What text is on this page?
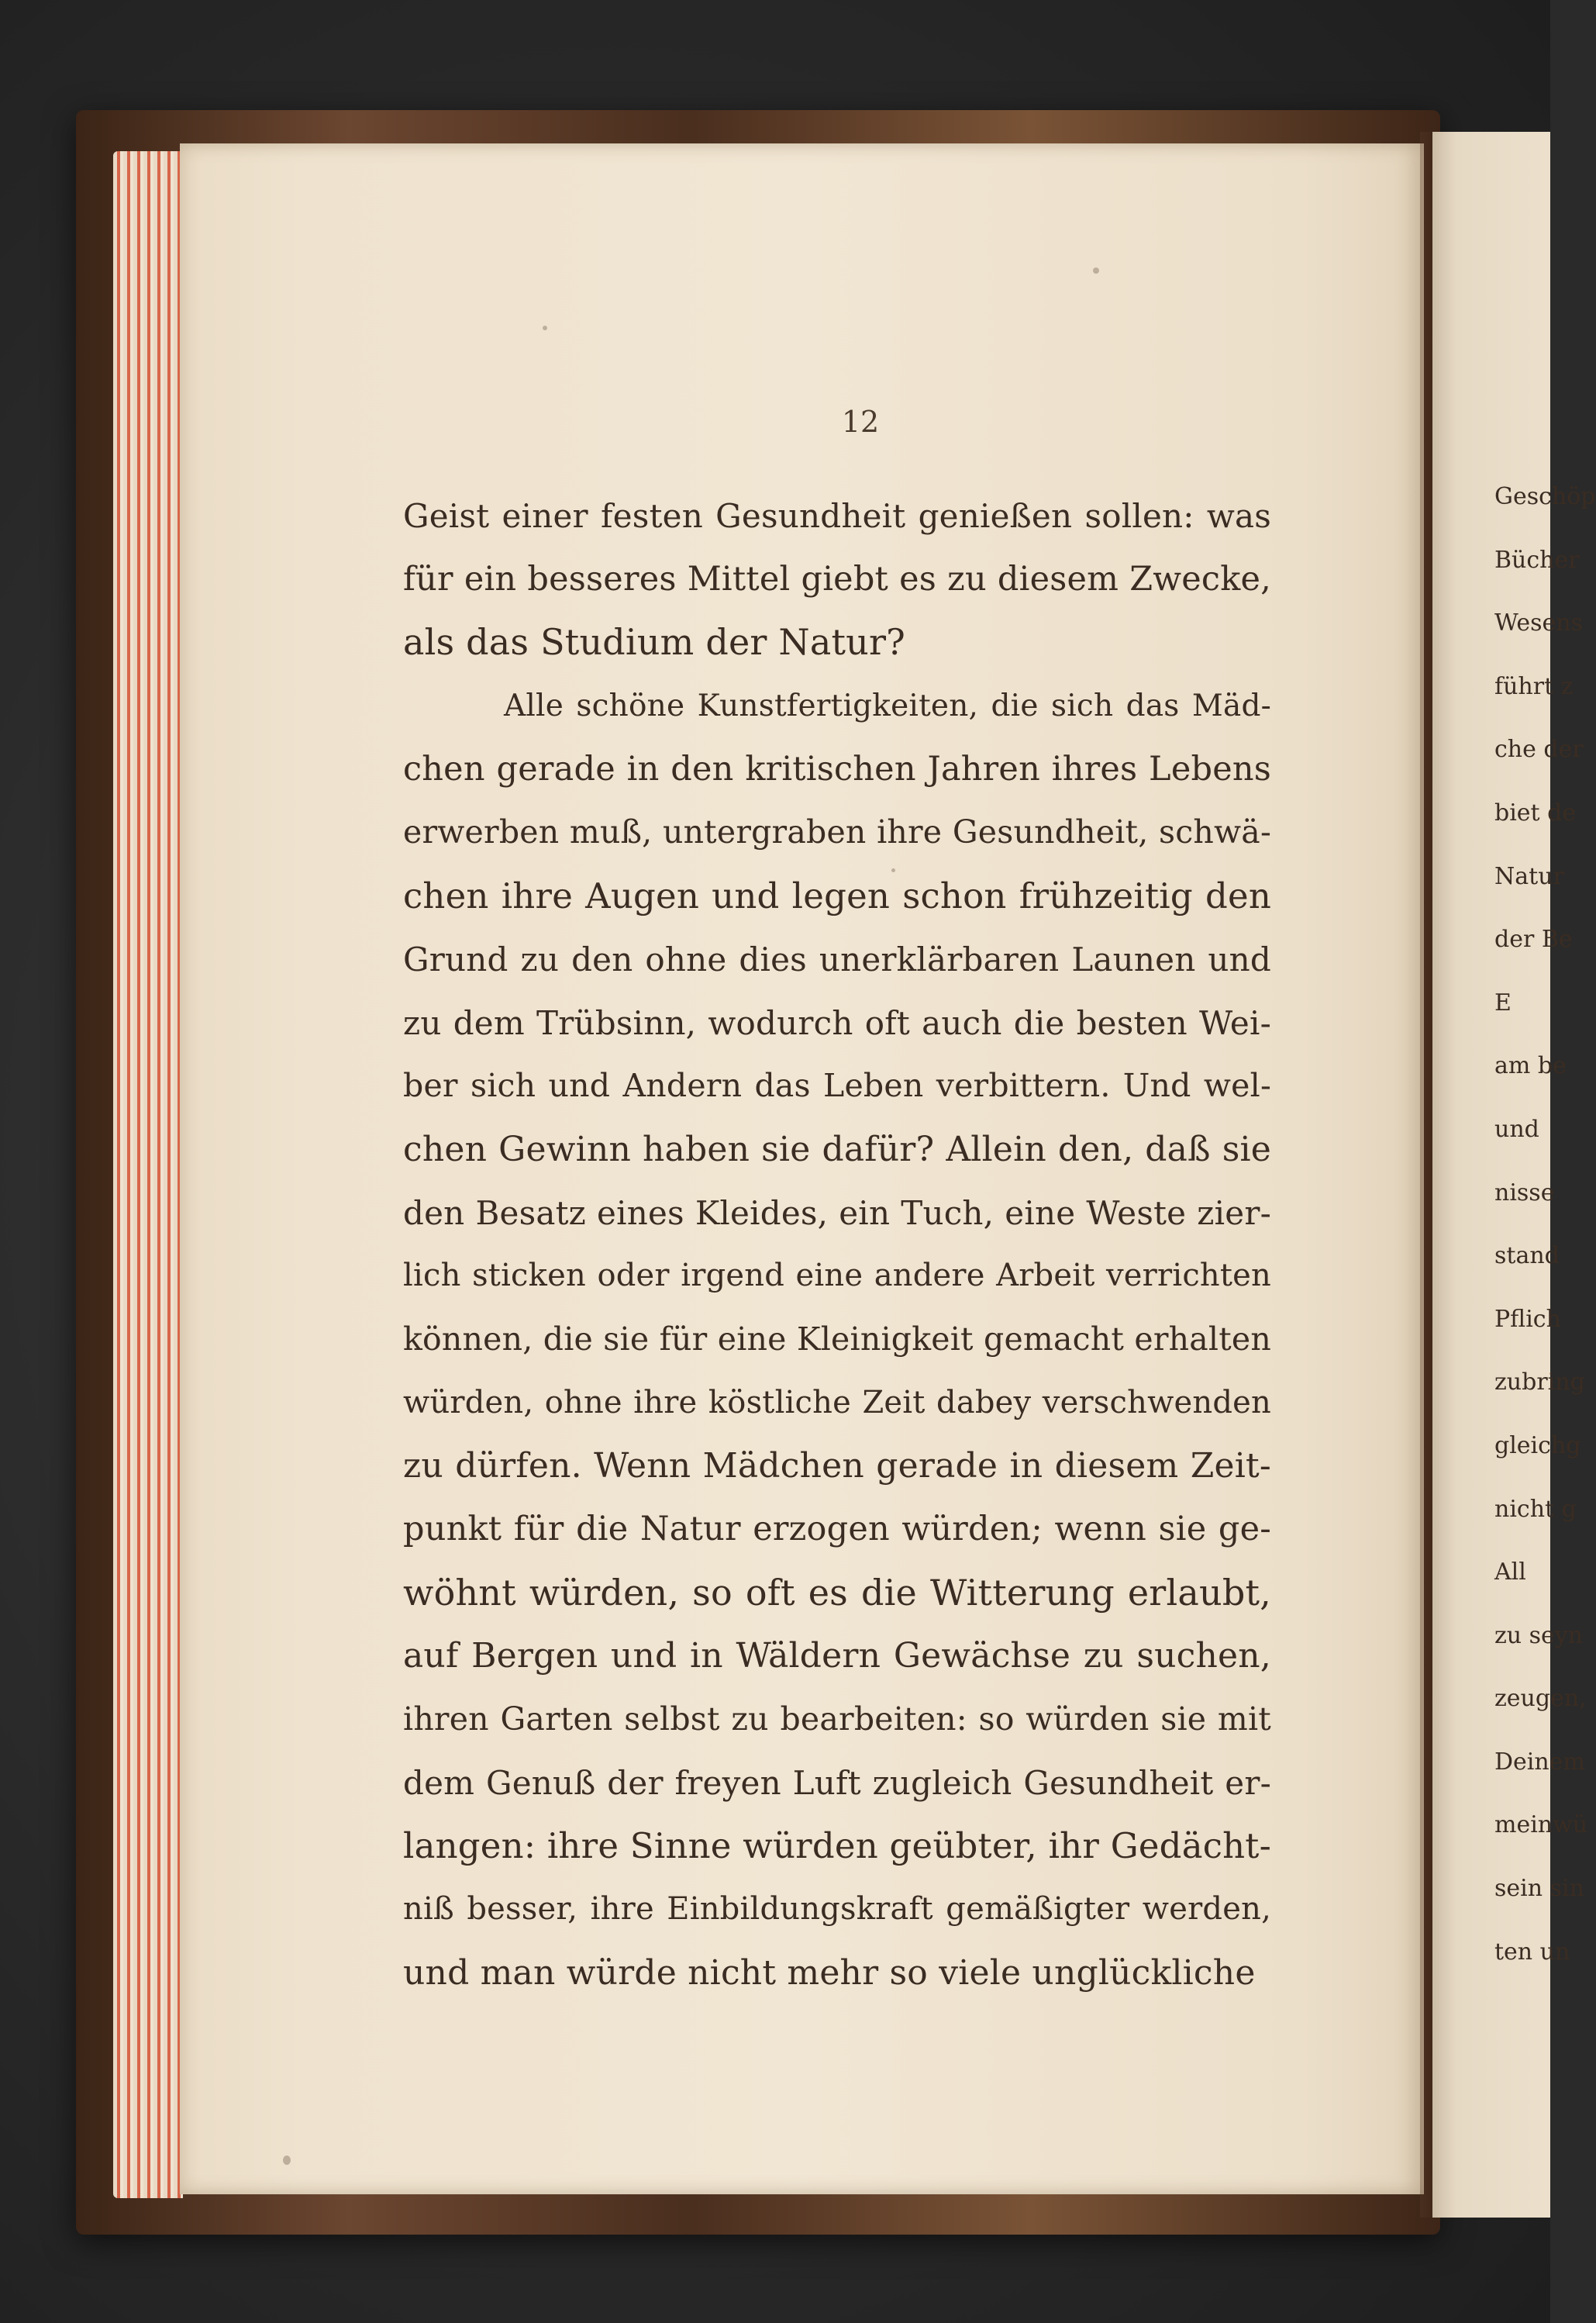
12
Geist einer festen Gesundheit genießen sollen: was
für ein besseres Mittel giebt es zu diesem Zwecke,
als das Studium der Natur?
Alle schöne Kunstfertigkeiten, die sich das Mäd-
chen gerade in den kritischen Jahren ihres Lebens
erwerben muß, untergraben ihre Gesundheit, schwä-
chen ihre Augen und legen schon frühzeitig den
Grund zu den ohne dies unerklärbaren Launen und
zu dem Trübsinn, wodurch oft auch die besten Wei-
ber sich und Andern das Leben verbittern. Und wel-
chen Gewinn haben sie dafür? Allein den, daß sie
den Besatz eines Kleides, ein Tuch, eine Weste zier-
lich sticken oder irgend eine andere Arbeit verrichten
können, die sie für eine Kleinigkeit gemacht erhalten
würden, ohne ihre köstliche Zeit dabey verschwenden
zu dürfen. Wenn Mädchen gerade in diesem Zeit-
punkt für die Natur erzogen würden; wenn sie ge-
wöhnt würden, so oft es die Witterung erlaubt,
auf Bergen und in Wäldern Gewächse zu suchen,
ihren Garten selbst zu bearbeiten: so würden sie mit
dem Genuß der freyen Luft zugleich Gesundheit er-
langen: ihre Sinne würden geübter, ihr Gedächt-
niß besser, ihre Einbildungskraft gemäßigter werden,
und man würde nicht mehr so viele unglückliche
Geschöp
Bücher
Wesens
führt z
che der
biet de
Natur
der Be
E
am be
und
nisse
stand
Pflich
zubring
gleichg
nicht g
All
zu seyn
zeugen,
Deinem
meinwü
sein sin
ten un
